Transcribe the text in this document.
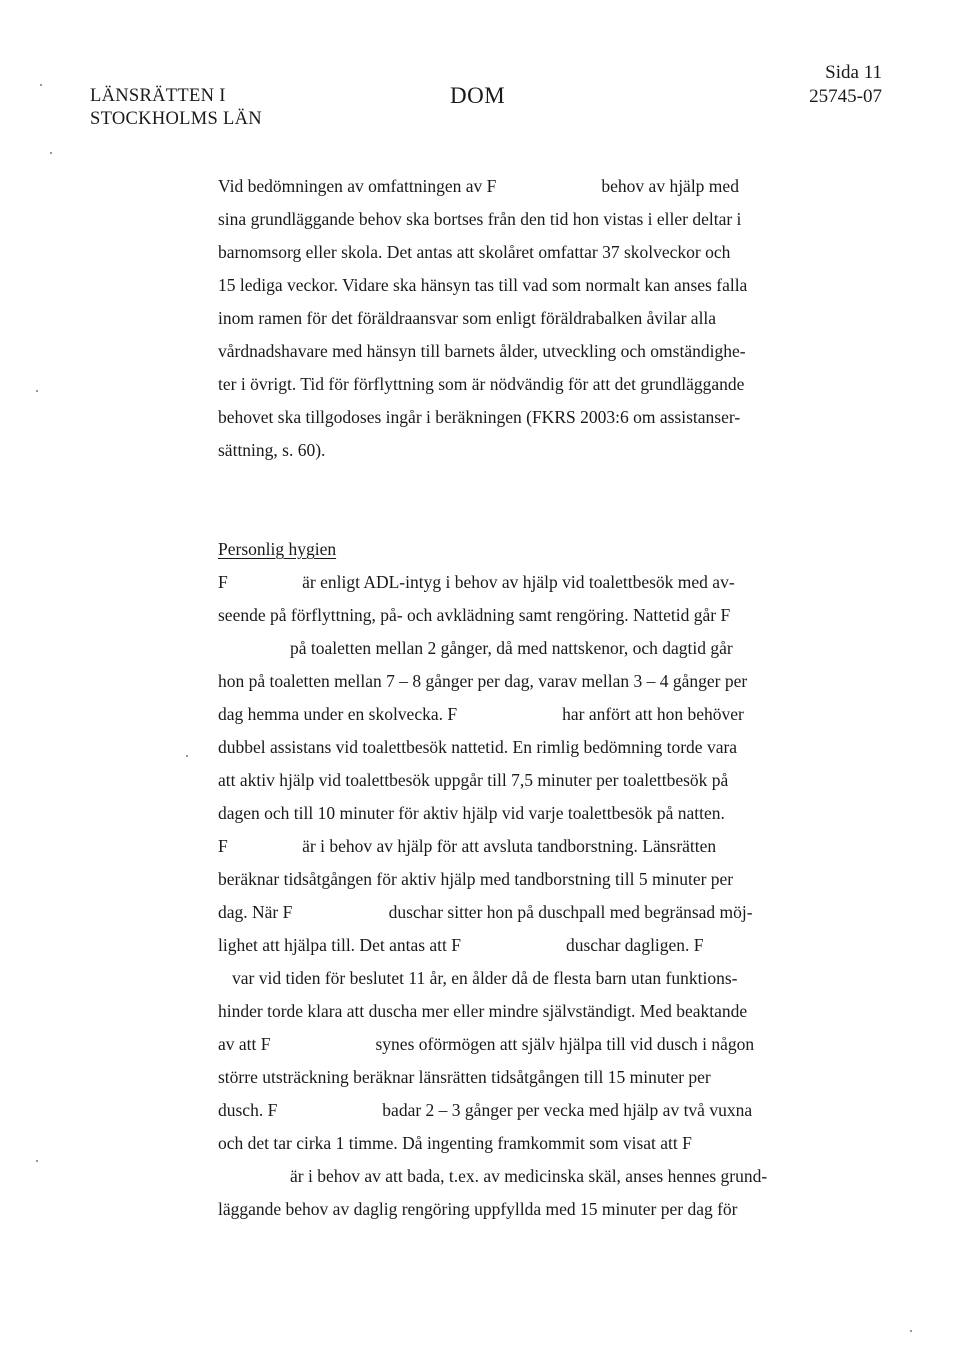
LÄNSRÄTTEN I
STOCKHOLMS LÄN
DOM
Sida 11
25745-07
Vid bedömningen av omfattningen av F                        behov av hjälp med
sina grundläggande behov ska bortses från den tid hon vistas i eller deltar i
barnomsorg eller skola. Det antas att skolåret omfattar 37 skolveckor och
15 lediga veckor. Vidare ska hänsyn tas till vad som normalt kan anses falla
inom ramen för det föräldraansvar som enligt föräldrabalken åvilar alla
vårdnadshavare med hänsyn till barnets ålder, utveckling och omständighe-
ter i övrigt. Tid för förflyttning som är nödvändig för att det grundläggande
behovet ska tillgodoses ingår i beräkningen (FKRS 2003:6 om assistanser-
sättning, s. 60).
Personlig hygien
F                 är enligt ADL-intyg i behov av hjälp vid toalettbesök med av-
seende på förflyttning, på- och avklädning samt rengöring. Nattetid går F
på toaletten mellan 2 gånger, då med nattskenor, och dagtid går
hon på toaletten mellan 7 – 8 gånger per dag, varav mellan 3 – 4 gånger per
dag hemma under en skolvecka. F                        har anfört att hon behöver
dubbel assistans vid toalettbesök nattetid. En rimlig bedömning torde vara
att aktiv hjälp vid toalettbesök uppgår till 7,5 minuter per toalettbesök på
dagen och till 10 minuter för aktiv hjälp vid varje toalettbesök på natten.
F                 är i behov av hjälp för att avsluta tandborstning. Länsrätten
beräknar tidsåtgången för aktiv hjälp med tandborstning till 5 minuter per
dag. När F                      duschar sitter hon på duschpall med begränsad möj-
lighet att hjälpa till. Det antas att F                        duschar dagligen. F
var vid tiden för beslutet 11 år, en ålder då de flesta barn utan funktions-
hinder torde klara att duscha mer eller mindre självständigt. Med beaktande
av att F                        synes oförmögen att själv hjälpa till vid dusch i någon
större utsträckning beräknar länsrätten tidsåtgången till 15 minuter per
dusch. F                        badar 2 – 3 gånger per vecka med hjälp av två vuxna
och det tar cirka 1 timme. Då ingenting framkommit som visat att F
är i behov av att bada, t.ex. av medicinska skäl, anses hennes grund-
läggande behov av daglig rengöring uppfyllda med 15 minuter per dag för
